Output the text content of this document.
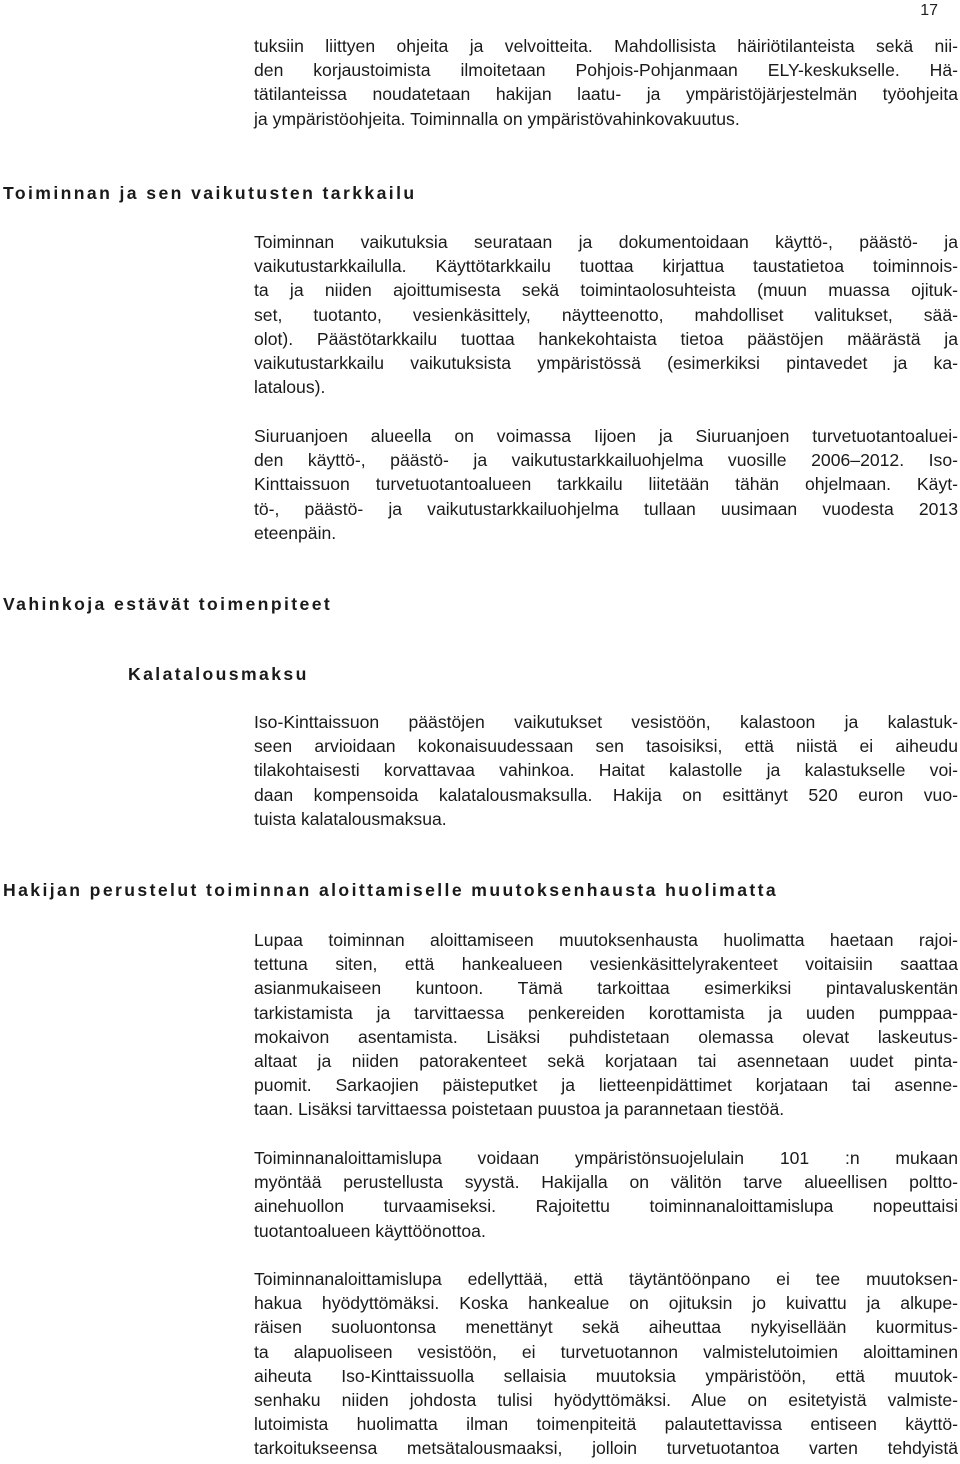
17

tuksiin liittyen ohjeita ja velvoitteita. Mahdollisista häiriötilanteista sekä nii-
den korjaustoimista ilmoitetaan Pohjois-Pohjanmaan ELY-keskukselle. Hä-
tätilanteissa noudatetaan hakijan laatu- ja ympäristöjärjestelmän työohjeita
ja ympäristöohjeita. Toiminnalla on ympäristövahinkovakuutus.

Toiminnan ja sen vaikutusten tarkkailu

Toiminnan vaikutuksia seurataan ja dokumentoidaan käyttö-, päästö- ja
vaikutustarkkailulla. Käyttötarkkailu tuottaa kirjattua taustatietoa toiminnois-
ta ja niiden ajoittumisesta sekä toimintaolosuhteista (muun muassa ojituk-
set, tuotanto, vesienkäsittely, näytteenotto, mahdolliset valitukset, sää-
olot). Päästötarkkailu tuottaa hankekohtaista tietoa päästöjen määrästä ja
vaikutustarkkailu vaikutuksista ympäristössä (esimerkiksi pintavedet ja ka-
latalous).

Siuruanjoen alueella on voimassa Iijoen ja Siuruanjoen turvetuotantoaluei-
den käyttö-, päästö- ja vaikutustarkkailuohjelma vuosille 2006–2012. Iso-
Kinttaissuon turvetuotantoalueen tarkkailu liitetään tähän ohjelmaan. Käyt-
tö-, päästö- ja vaikutustarkkailuohjelma tullaan uusimaan vuodesta 2013
eteenpäin.

Vahinkoja estävät toimenpiteet
Kalatalousmaksu

Iso-Kinttaissuon päästöjen vaikutukset vesistöön, kalastoon ja kalastuk-
seen arvioidaan kokonaisuudessaan sen tasoisiksi, että niistä ei aiheudu
tilakohtaisesti korvattavaa vahinkoa. Haitat kalastolle ja kalastukselle voi-
daan kompensoida kalatalousmaksulla. Hakija on esittänyt 520 euron vuo-
tuista kalatalousmaksua.

Hakijan perustelut toiminnan aloittamiselle muutoksenhausta huolimatta

Lupaa toiminnan aloittamiseen muutoksenhausta huolimatta haetaan rajoi-
tettuna siten, että hankealueen vesienkäsittelyrakenteet voitaisiin saattaa
asianmukaiseen kuntoon. Tämä tarkoittaa esimerkiksi pintavaluskentän
tarkistamista ja tarvittaessa penkereiden korottamista ja uuden pumppaa-
mokaivon asentamista. Lisäksi puhdistetaan olemassa olevat laskeutus-
altaat ja niiden patorakenteet sekä korjataan tai asennetaan uudet pinta-
puomit. Sarkaojien päisteputket ja lietteenpidättimet korjataan tai asenne-
taan. Lisäksi tarvittaessa poistetaan puustoa ja parannetaan tiestöä.

Toiminnanaloittamislupa voidaan ympäristönsuojelulain 101 :n mukaan
myöntää perustellusta syystä. Hakijalla on välitön tarve alueellisen poltto-
ainehuollon turvaamiseksi. Rajoitettu toiminnanaloittamislupa nopeuttaisi
tuotantoalueen käyttöönottoa.

Toiminnanaloittamislupa edellyttää, että täytäntöönpano ei tee muutoksen-
hakua hyödyttömäksi. Koska hankealue on ojituksin jo kuivattu ja alkupe-
räisen suoluontonsa menettänyt sekä aiheuttaa nykyisellään kuormitus-
ta alapuoliseen vesistöön, ei turvetuotannon valmistelutoimien aloittaminen
aiheuta Iso-Kinttaissuolla sellaisia muutoksia ympäristöön, että muutok-
senhaku niiden johdosta tulisi hyödyttömäksi. Alue on esitetyistä valmiste-
lutoimista huolimatta ilman toimenpiteitä palautettavissa entiseen käyttö-
tarkoitukseensa metsätalousmaaksi, jolloin turvetuotantoa varten tehdyistä
